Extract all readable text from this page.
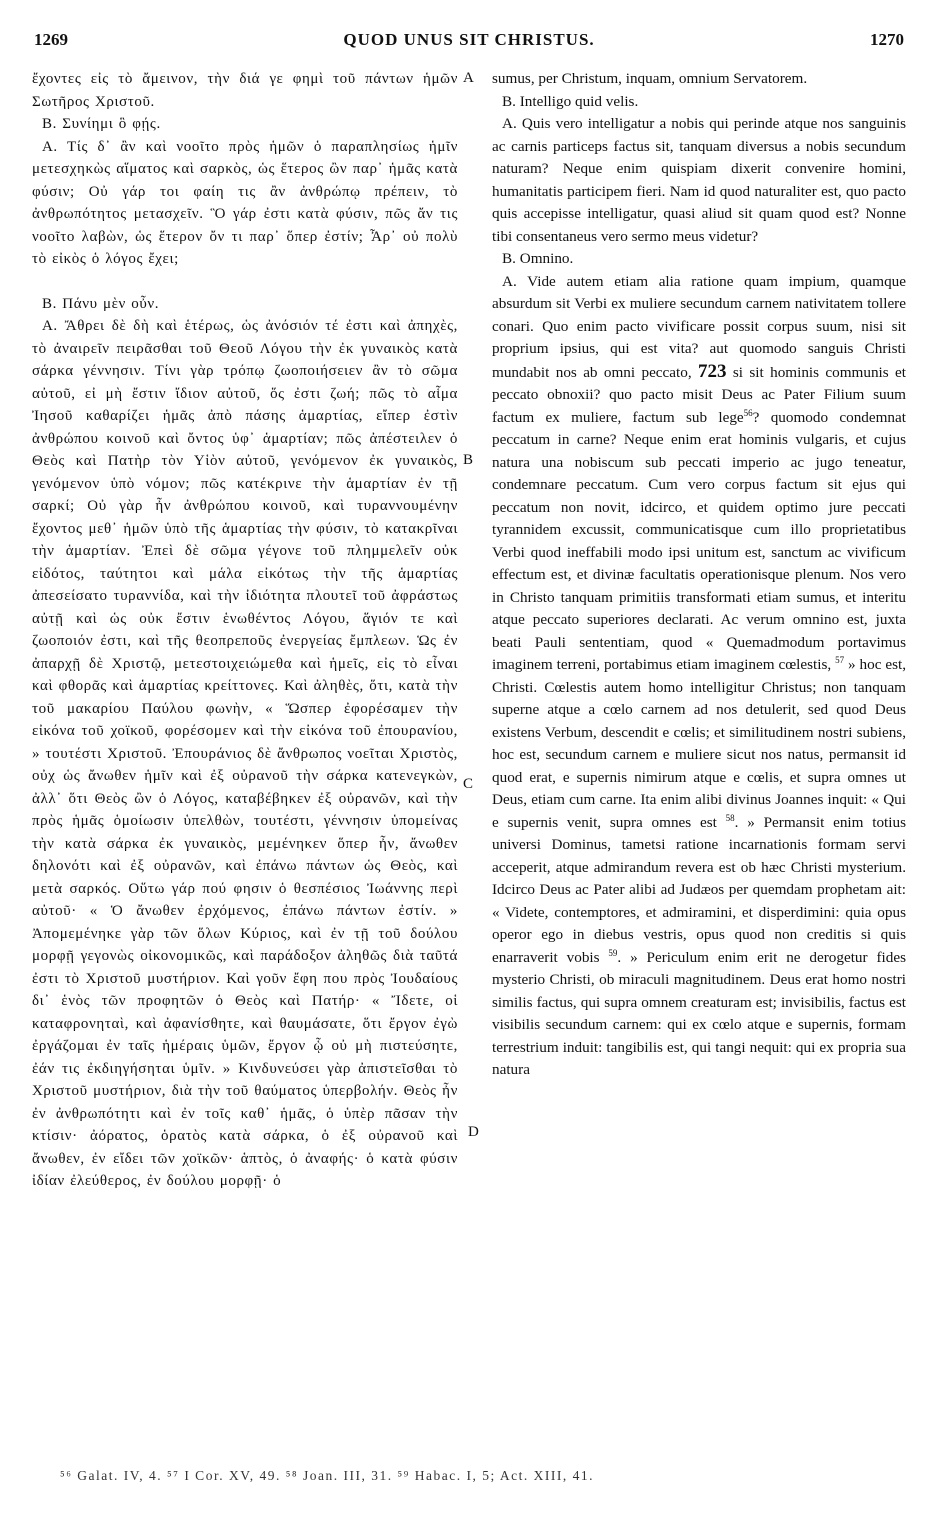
1269	QUOD UNUS SIT CHRISTUS.	1270
A
B
C
D

ἔχοντες εἰς τὸ ἄμεινον, τὴν διά γε φημὶ τοῦ πάντων ἡμῶν Σωτῆρος Χριστοῦ.

Β. Συνίημι ὃ φῄς.

Α. Τίς δ᾿ ἂν καὶ νοοῖτο πρὸς ἡμῶν ὁ παραπλησίως ἡμῖν μετεσχηκὼς αἵματος καὶ σαρκὸς, ὡς ἕτερος ὢν παρ᾿ ἡμᾶς κατὰ φύσιν; Οὐ γάρ τοι φαίη τις ἂν ἀνθρώπῳ πρέπειν, τὸ ἀνθρωπότητος μετασχεῖν. Ὃ γάρ ἐστι κατὰ φύσιν, πῶς ἄν τις νοοῖτο λαβὼν, ὡς ἕτερον ὄν τι παρ᾿ ὅπερ ἐστίν; Ἆρ᾿ οὐ πολὺ τὸ εἰκὸς ὁ λόγος ἔχει;

Β. Πάνυ μὲν οὖν.

Α. Ἄθρει δὲ δὴ καὶ ἑτέρως, ὡς ἀνόσιόν τέ ἐστι καὶ ἀπηχὲς, τὸ ἀναιρεῖν πειρᾶσθαι τοῦ Θεοῦ Λόγου τὴν ἐκ γυναικὸς κατὰ σάρκα γέννησιν. Τίνι γὰρ τρόπῳ ζωοποιήσειεν ἂν τὸ σῶμα αὐτοῦ, εἰ μὴ ἔστιν ἴδιον αὐτοῦ, ὅς ἐστι ζωή; πῶς τὸ αἷμα Ἰησοῦ καθαρίζει ἡμᾶς ἀπὸ πάσης ἁμαρτίας, εἴπερ ἐστὶν ἀνθρώπου κοινοῦ καὶ ὄντος ὑφ᾿ ἁμαρτίαν; πῶς ἀπέστειλεν ὁ Θεὸς καὶ Πατὴρ τὸν Υἱὸν αὐτοῦ, γενόμενον ἐκ γυναικὸς, γενόμενον ὑπὸ νόμον; πῶς κατέκρινε τὴν ἁμαρτίαν ἐν τῇ σαρκί; Οὐ γὰρ ἦν ἀνθρώπου κοινοῦ, καὶ τυραννουμένην ἔχοντος μεθ᾿ ἡμῶν ὑπὸ τῆς ἁμαρτίας τὴν φύσιν, τὸ κατακρῖναι τὴν ἁμαρτίαν. Ἐπεὶ δὲ σῶμα γέγονε τοῦ πλημμελεῖν οὐκ εἰδότος, ταύτητοι καὶ μάλα εἰκότως τὴν τῆς ἁμαρτίας ἀπεσείσατο τυραννίδα, καὶ τὴν ἰδιότητα πλουτεῖ τοῦ ἀφράστως αὐτῇ καὶ ὡς οὐκ ἔστιν ἑνωθέντος Λόγου, ἅγιόν τε καὶ ζωοποιόν ἐστι, καὶ τῆς θεοπρεποῦς ἐνεργείας ἔμπλεων. Ὡς ἐν ἀπαρχῇ δὲ Χριστῷ, μετεστοιχειώμεθα καὶ ἡμεῖς, εἰς τὸ εἶναι καὶ φθορᾶς καὶ ἁμαρτίας κρείττονες. Καὶ ἀληθὲς, ὅτι, κατὰ τὴν τοῦ μακαρίου Παύλου φωνὴν, « Ὥσπερ ἐφορέσαμεν τὴν εἰκόνα τοῦ χοϊκοῦ, φορέσομεν καὶ τὴν εἰκόνα τοῦ ἐπουρανίου, » τουτέστι Χριστοῦ. Ἐπουράνιος δὲ ἄνθρωπος νοεῖται Χριστὸς, οὐχ ὡς ἄνωθεν ἡμῖν καὶ ἐξ οὐρανοῦ τὴν σάρκα κατενεγκὼν, ἀλλ᾿ ὅτι Θεὸς ὢν ὁ Λόγος, καταβέβηκεν ἐξ οὐρανῶν, καὶ τὴν πρὸς ἡμᾶς ὁμοίωσιν ὑπελθὼν, τουτέστι, γέννησιν ὑπομείνας τὴν κατὰ σάρκα ἐκ γυναικὸς, μεμένηκεν ὅπερ ἦν, ἄνωθεν δηλονότι καὶ ἐξ οὐρανῶν, καὶ ἐπάνω πάντων ὡς Θεὸς, καὶ μετὰ σαρκός. Οὕτω γάρ πού φησιν ὁ θεσπέσιος Ἰωάννης περὶ αὐτοῦ· « Ὁ ἄνωθεν ἐρχόμενος, ἐπάνω πάντων ἐστίν. » Ἀπομεμένηκε γὰρ τῶν ὅλων Κύριος, καὶ ἐν τῇ τοῦ δούλου μορφῇ γεγονὼς οἰκονομικῶς, καὶ παράδοξον ἀληθῶς διὰ ταῦτά ἐστι τὸ Χριστοῦ μυστήριον. Καὶ γοῦν ἔφη που πρὸς Ἰουδαίους δι᾿ ἑνὸς τῶν προφητῶν ὁ Θεὸς καὶ Πατήρ· « Ἴδετε, οἱ καταφρονηταὶ, καὶ ἀφανίσθητε, καὶ θαυμάσατε, ὅτι ἔργον ἐγὼ ἐργάζομαι ἐν ταῖς ἡμέραις ὑμῶν, ἔργον ᾧ οὐ μὴ πιστεύσητε, ἐάν τις ἐκδιηγήσηται ὑμῖν. » Κινδυνεύσει γὰρ ἀπιστεῖσθαι τὸ Χριστοῦ μυστήριον, διὰ τὴν τοῦ θαύματος ὑπερβολήν. Θεὸς ἦν ἐν ἀνθρωπότητι καὶ ἐν τοῖς καθ᾿ ἡμᾶς, ὁ ὑπὲρ πᾶσαν τὴν κτίσιν· ἀόρατος, ὁρατὸς κατὰ σάρκα, ὁ ἐξ οὐρανοῦ καὶ ἄνωθεν, ἐν εἴδει τῶν χοϊκῶν· ἁπτὸς, ὁ ἀναφής· ὁ κατὰ φύσιν ἰδίαν ἐλεύθερος, ἐν δούλου μορφῇ· ὁ

sumus, per Christum, inquam, omnium Servatorem.

B. Intelligo quid velis.

A. Quis vero intelligatur a nobis qui perinde atque nos sanguinis ac carnis particeps factus sit, tanquam diversus a nobis secundum naturam? Neque enim quispiam dixerit convenire homini, humanitatis participem fieri. Nam id quod naturaliter est, quo pacto quis accepisse intelligatur, quasi aliud sit quam quod est? Nonne tibi consentaneus vero sermo meus videtur?

B. Omnino.

A. Vide autem etiam alia ratione quam impium, quamque absurdum sit Verbi ex muliere secundum carnem nativitatem tollere conari. Quo enim pacto vivificare possit corpus suum, nisi sit proprium ipsius, qui est vita? aut quomodo sanguis Christi mundabit nos ab omni peccato, 723 si sit hominis communis et peccato obnoxii? quo pacto misit Deus ac Pater Filium suum factum ex muliere, factum sub lege$^{56}$? quomodo condemnat peccatum in carne? Neque enim erat hominis vulgaris, et cujus natura una nobiscum sub peccati imperio ac jugo teneatur, condemnare peccatum. Cum vero corpus factum sit ejus qui peccatum non novit, idcirco, et quidem optimo jure peccati tyrannidem excussit, communicatisque cum illo proprietatibus Verbi quod ineffabili modo ipsi unitum est, sanctum ac vivificum effectum est, et divinæ facultatis operationisque plenum. Nos vero in Christo tanquam primitiis transformati etiam sumus, et interitu atque peccato superiores declarati. Ac verum omnino est, juxta beati Pauli sententiam, quod « Quemadmodum portavimus imaginem terreni, portabimus etiam imaginem cœlestis, $^{57}$ » hoc est, Christi. Cœlestis autem homo intelligitur Christus; non tanquam superne atque a cœlo carnem ad nos detulerit, sed quod Deus existens Verbum, descendit e cœlis; et similitudinem nostri subiens, hoc est, secundum carnem e muliere sicut nos natus, permansit id quod erat, e supernis nimirum atque e cœlis, et supra omnes ut Deus, etiam cum carne. Ita enim alibi divinus Joannes inquit: « Qui e supernis venit, supra omnes est $^{58}$. » Permansit enim totius universi Dominus, tametsi ratione incarnationis formam servi acceperit, atque admirandum revera est ob hæc Christi mysterium. Idcirco Deus ac Pater alibi ad Judæos per quemdam prophetam ait: « Videte, contemptores, et admiramini, et disperdimini: quia opus operor ego in diebus vestris, opus quod non creditis si quis enarraverit vobis $^{59}$. » Periculum enim erit ne derogetur fides mysterio Christi, ob miraculi magnitudinem. Deus erat homo nostri similis factus, qui supra omnem creaturam est; invisibilis, factus est visibilis secundum carnem: qui ex cœlo atque e supernis, formam terrestrium induit: tangibilis est, qui tangi nequit: qui ex propria sua natura

⁵⁶ Galat. IV, 4. ⁵⁷ I Cor. XV, 49. ⁵⁸ Joan. III, 31. ⁵⁹ Habac. I, 5; Act. XIII, 41.
